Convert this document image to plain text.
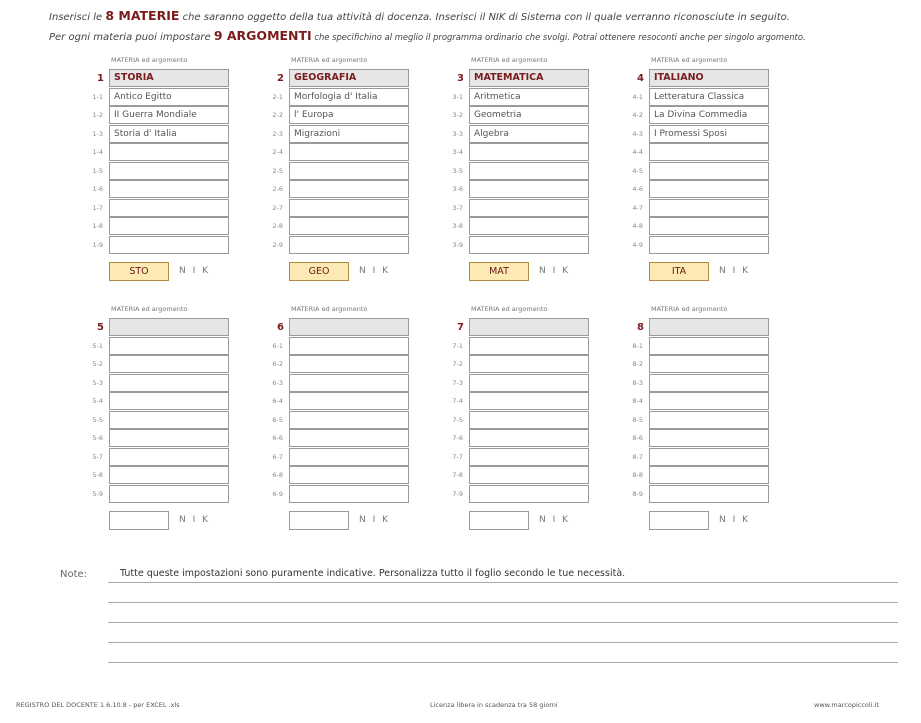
Inserisci le 8 MATERIE che saranno oggetto della tua attività di docenza. Inserisci il NIK di Sistema con il quale verranno riconosciute in seguito.
Per ogni materia puoi impostare 9 ARGOMENTI che specifichino al meglio il programma ordinario che svolgi. Potrai ottenere resoconti anche per singolo argomento.
MATERIA ed argomento
1	STORIA
1-1	Antico Egitto
1-2	II Guerra Mondiale
1-3	Storia d' Italia
1-4
1-5
1-6
1-7
1-8
1-9
STO	N I K
MATERIA ed argomento
2	GEOGRAFIA
2-1	Morfologia d' Italia
2-2	l' Europa
2-3	Migrazioni
2-4
2-5
2-6
2-7
2-8
2-9
GEO	N I K
MATERIA ed argomento
3	MATEMATICA
3-1	Aritmetica
3-2	Geometria
3-3	Algebra
3-4
3-5
3-6
3-7
3-8
3-9
MAT	N I K
MATERIA ed argomento
4	ITALIANO
4-1	Letteratura Classica
4-2	La Divina Commedia
4-3	I Promessi Sposi
4-4
4-5
4-6
4-7
4-8
4-9
ITA	N I K
MATERIA ed argomento
5
5-1
5-2
5-3
5-4
5-5
5-6
5-7
5-8
5-9
N I K
MATERIA ed argomento
6
6-1
6-2
6-3
6-4
6-5
6-6
6-7
6-8
6-9
N I K
MATERIA ed argomento
7
7-1
7-2
7-3
7-4
7-5
7-6
7-7
7-8
7-9
N I K
MATERIA ed argomento
8
8-1
8-2
8-3
8-4
8-5
8-6
8-7
8-8
8-9
N I K
Note:	Tutte queste impostazioni sono puramente indicative. Personalizza tutto il foglio secondo le tue necessità.
REGISTRO DEL DOCENTE 1.6.10.8 - per EXCEL .xls	Licenza libera in scadenza tra 58 giorni	www.marcopiccoli.it
